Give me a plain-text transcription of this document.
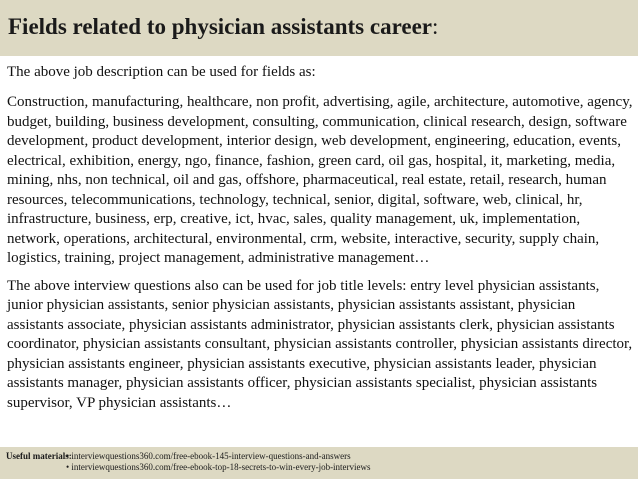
Fields related to physician assistants career:

The above job description can be used for fields as:

Construction, manufacturing, healthcare, non profit, advertising, agile, architecture, automotive, agency, budget, building, business development, consulting, communication, clinical research, design, software development, product development, interior design, web development, engineering, education, events, electrical, exhibition, energy, ngo, finance, fashion, green card, oil gas, hospital, it, marketing, media, mining, nhs, non technical, oil and gas, offshore, pharmaceutical, real estate, retail, research, human resources, telecommunications, technology, technical, senior, digital, software, web, clinical, hr, infrastructure, business, erp, creative, ict, hvac, sales, quality management, uk, implementation, network, operations, architectural, environmental, crm, website, interactive, security, supply chain, logistics, training, project management, administrative management…

The above interview questions also can be used for job title levels: entry level physician assistants, junior physician assistants, senior physician assistants, physician assistants assistant, physician assistants associate, physician assistants administrator, physician assistants clerk, physician assistants coordinator, physician assistants consultant, physician assistants controller, physician assistants director, physician assistants engineer, physician assistants executive, physician assistants leader, physician assistants manager, physician assistants officer, physician assistants specialist, physician assistants supervisor, VP physician assistants…

Useful materials:
• interviewquestions360.com/free-ebook-145-interview-questions-and-answers
• interviewquestions360.com/free-ebook-top-18-secrets-to-win-every-job-interviews
